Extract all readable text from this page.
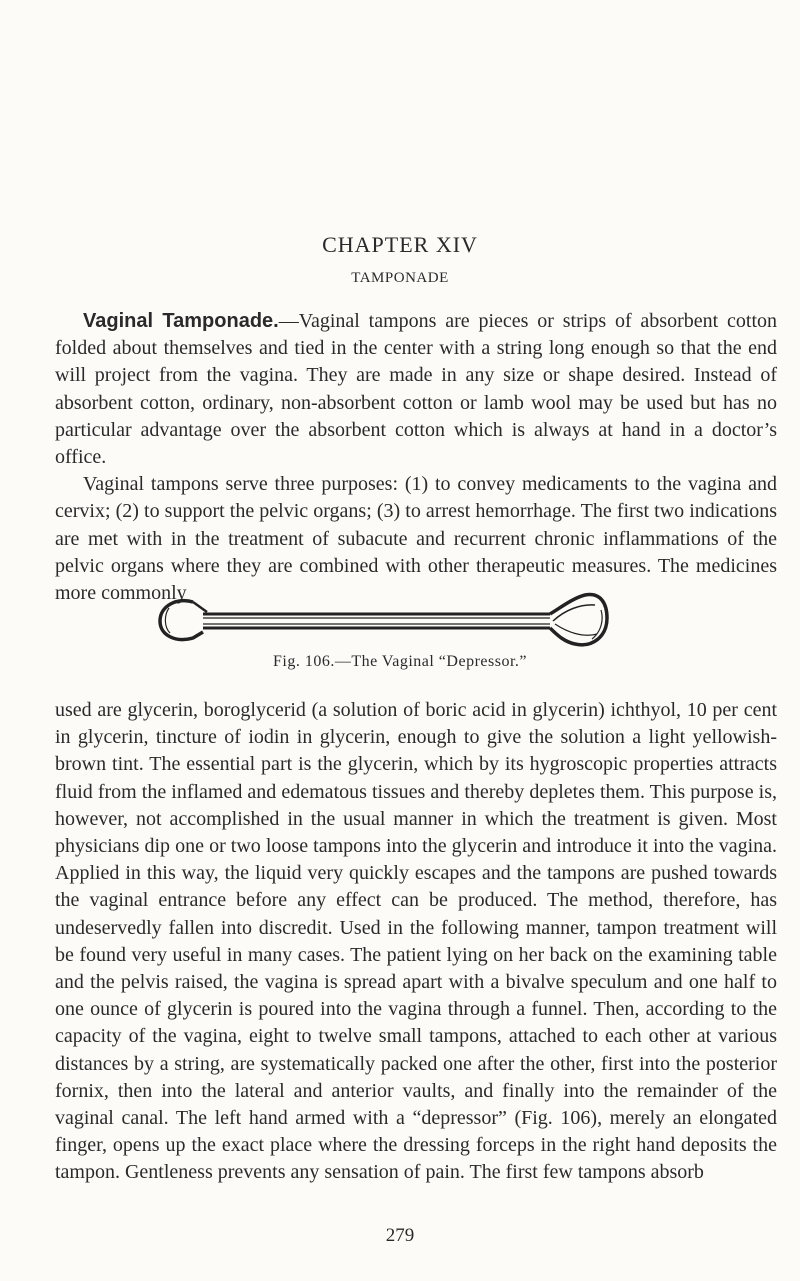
CHAPTER XIV
TAMPONADE

Vaginal Tamponade.—Vaginal tampons are pieces or strips of absorbent cotton folded about themselves and tied in the center with a string long enough so that the end will project from the vagina. They are made in any size or shape desired. Instead of absorbent cotton, ordinary, non-absorbent cotton or lamb wool may be used but has no particular advantage over the absorbent cotton which is always at hand in a doctor’s office.

Vaginal tampons serve three purposes: (1) to convey medicaments to the vagina and cervix; (2) to support the pelvic organs; (3) to arrest hemorrhage. The first two indications are met with in the treatment of subacute and recurrent chronic inflammations of the pelvic organs where they are combined with other therapeutic measures. The medicines more commonly

Fig. 106.—The Vaginal “Depressor.”

used are glycerin, boroglycerid (a solution of boric acid in glycerin) ichthyol, 10 per cent in glycerin, tincture of iodin in glycerin, enough to give the solution a light yellowish-brown tint. The essential part is the glycerin, which by its hygroscopic properties attracts fluid from the inflamed and edematous tissues and thereby depletes them. This purpose is, however, not accomplished in the usual manner in which the treatment is given. Most physicians dip one or two loose tampons into the glycerin and introduce it into the vagina. Applied in this way, the liquid very quickly escapes and the tampons are pushed towards the vaginal entrance before any effect can be produced. The method, therefore, has undeservedly fallen into discredit. Used in the following manner, tampon treatment will be found very useful in many cases. The patient lying on her back on the examining table and the pelvis raised, the vagina is spread apart with a bivalve speculum and one half to one ounce of glycerin is poured into the vagina through a funnel. Then, according to the capacity of the vagina, eight to twelve small tampons, attached to each other at various distances by a string, are systematically packed one after the other, first into the posterior fornix, then into the lateral and anterior vaults, and finally into the remainder of the vaginal canal. The left hand armed with a “depressor” (Fig. 106), merely an elongated finger, opens up the exact place where the dressing forceps in the right hand deposits the tampon. Gentleness prevents any sensation of pain. The first few tampons absorb

279
